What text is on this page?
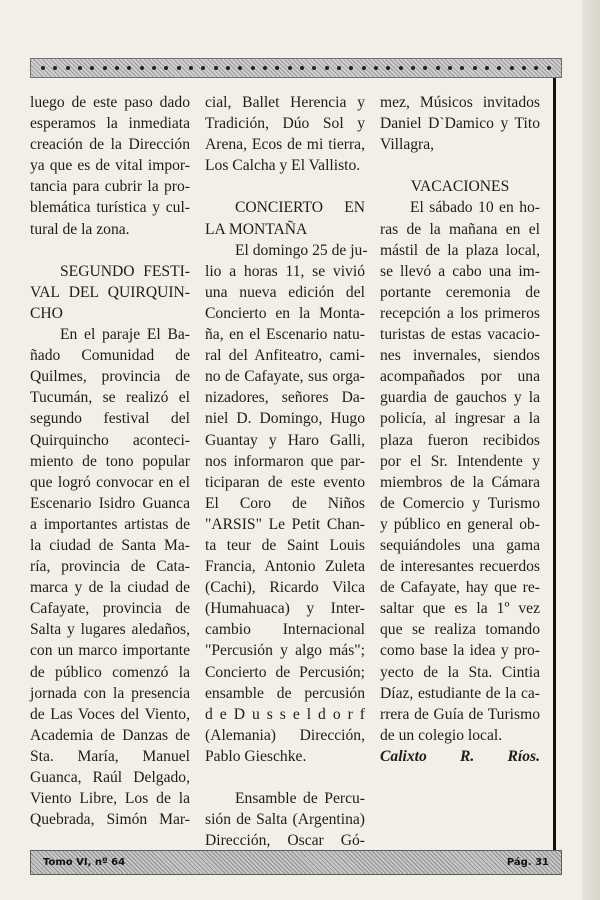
luego de este paso dado

esperamos la inmediata

creación de la Dirección

ya que es de vital impor-

tancia para cubrir la pro-

blemática turística y cul-

tural de la zona.

SEGUNDO FESTI-

VAL DEL QUIRQUIN-

CHO

En el paraje El Ba-

ñado Comunidad de

Quilmes, provincia de

Tucumán, se realizó el

segundo festival del

Quirquincho aconteci-

miento de tono popular

que logró convocar en el

Escenario Isidro Guanca

a importantes artistas de

la ciudad de Santa Ma-

ría, provincia de Cata-

marca y de la ciudad de

Cafayate, provincia de

Salta y lugares aledaños,

con un marco importante

de público comenzó la

jornada con la presencia

de Las Voces del Viento,

Academia de Danzas de

Sta. María, Manuel

Guanca, Raúl Delgado,

Viento Libre, Los de la

Quebrada, Simón Mar-

cial, Ballet Herencia y

Tradición, Dúo Sol y

Arena, Ecos de mi tierra,

Los Calcha y El Vallisto.

CONCIERTO EN

LA MONTAÑA

El domingo 25 de ju-

lio a horas 11, se vivió

una nueva edición del

Concierto en la Monta-

ña, en el Escenario natu-

ral del Anfiteatro, cami-

no de Cafayate, sus orga-

nizadores, señores Da-

niel D. Domingo, Hugo

Guantay y Haro Galli,

nos informaron que par-

ticiparan de este evento

El Coro de Niños

"ARSIS" Le Petit Chan-

ta teur de Saint Louis

Francia, Antonio Zuleta

(Cachi), Ricardo Vilca

(Humahuaca) y Inter-

cambio Internacional

"Percusión y algo más";

Concierto de Percusión;

ensamble de percusión

d e D u s s e l d o r f

(Alemania) Dirección,

Pablo Gieschke.

Ensamble de Percu-

sión de Salta (Argentina)

Dirección, Oscar Gó-

mez, Músicos invitados

Daniel D`Damico y Tito

Villagra,

VACACIONES

El sábado 10 en ho-

ras de la mañana en el

mástil de la plaza local,

se llevó a cabo una im-

portante ceremonia de

recepción a los primeros

turistas de estas vacacio-

nes invernales, siendos

acompañados por una

guardia de gauchos y la

policía, al ingresar a la

plaza fueron recibidos

por el Sr. Intendente y

miembros de la Cámara

de Comercio y Turismo

y público en general ob-

sequiándoles una gama

de interesantes recuerdos

de Cafayate, hay que re-

saltar que es la 1º vez

que se realiza tomando

como base la idea y pro-

yecto de la Sta. Cintia

Díaz, estudiante de la ca-

rrera de Guía de Turismo

de un colegio local.

Calixto R. Ríos.

Tomo VI, nº 64	Pág. 31
